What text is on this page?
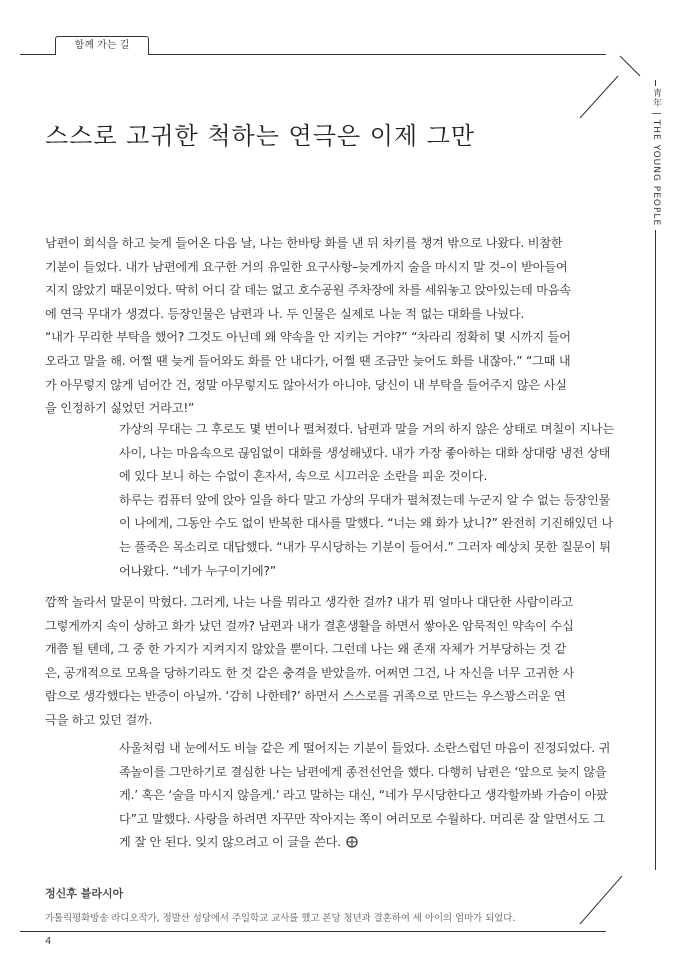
함께 가는 길
靑年 | THE YOUNG PEOPLE
스스로 고귀한 척하는 연극은 이제 그만

남편이 회식을 하고 늦게 들어온 다음 날, 나는 한바탕 화를 낸 뒤 차키를 챙겨 밖으로 나왔다. 비참한 기분이 들었다. 내가 남편에게 요구한 거의 유일한 요구사항–늦게까지 술을 마시지 말 것–이 받아들여지지 않았기 때문이었다. 딱히 어디 갈 데는 없고 호수공원 주차장에 차를 세워놓고 앉아있는데 마음속에 연극 무대가 생겼다. 등장인물은 남편과 나. 두 인물은 실제로 나눈 적 없는 대화를 나눴다.
“내가 무리한 부탁을 했어? 그것도 아닌데 왜 약속을 안 지키는 거야?” “차라리 정확히 몇 시까지 들어오라고 말을 해. 어쩔 땐 늦게 들어와도 화를 안 내다가, 어쩔 땐 조금만 늦어도 화를 내잖아.” “그때 내가 아무렇지 않게 넘어간 건, 정말 아무렇지도 않아서가 아니야. 당신이 내 부탁을 들어주지 않은 사실을 인정하기 싫었던 거라고!”

가상의 무대는 그 후로도 몇 번이나 펼쳐졌다. 남편과 말을 거의 하지 않은 상태로 며칠이 지나는 사이, 나는 마음속으로 끊임없이 대화를 생성해냈다. 내가 가장 좋아하는 대화 상대랑 냉전 상태에 있다 보니 하는 수없이 혼자서, 속으로 시끄러운 소란을 피운 것이다.
하루는 컴퓨터 앞에 앉아 일을 하다 말고 가상의 무대가 펼쳐졌는데 누군지 알 수 없는 등장인물이 나에게, 그동안 수도 없이 반복한 대사를 말했다. “너는 왜 화가 났니?” 완전히 기진해있던 나는 풀죽은 목소리로 대답했다. “내가 무시당하는 기분이 들어서.” 그러자 예상치 못한 질문이 튀어나왔다. “네가 누구이기에?”

깜짝 놀라서 말문이 막혔다. 그러게, 나는 나를 뭐라고 생각한 걸까? 내가 뭐 얼마나 대단한 사람이라고 그렇게까지 속이 상하고 화가 났던 걸까? 남편과 내가 결혼생활을 하면서 쌓아온 암묵적인 약속이 수십 개쯤 될 텐데, 그 중 한 가지가 지켜지지 않았을 뿐이다. 그런데 나는 왜 존재 자체가 거부당하는 것 같은, 공개적으로 모욕을 당하기라도 한 것 같은 충격을 받았을까. 어쩌면 그건, 나 자신을 너무 고귀한 사람으로 생각했다는 반증이 아닐까. ‘감히 나한테?’ 하면서 스스로를 귀족으로 만드는 우스꽝스러운 연극을 하고 있던 걸까.

사울처럼 내 눈에서도 비늘 같은 게 떨어지는 기분이 들었다. 소란스럽던 마음이 진정되었다. 귀족놀이를 그만하기로 결심한 나는 남편에게 종전선언을 했다. 다행히 남편은 ‘앞으로 늦지 않을게.’ 혹은 ‘술을 마시지 않을게.’ 라고 말하는 대신, “네가 무시당한다고 생각할까봐 가슴이 아팠다”고 말했다. 사랑을 하려면 자꾸만 작아지는 쪽이 여러모로 수월하다. 머리론 잘 알면서도 그게 잘 안 된다. 잊지 않으려고 이 글을 쓴다.

정신후 블라시아
가톨릭평화방송 라디오작가, 정발산 성당에서 주일학교 교사를 했고 본당 청년과 결혼하여 세 아이의 엄마가 되었다.
4
